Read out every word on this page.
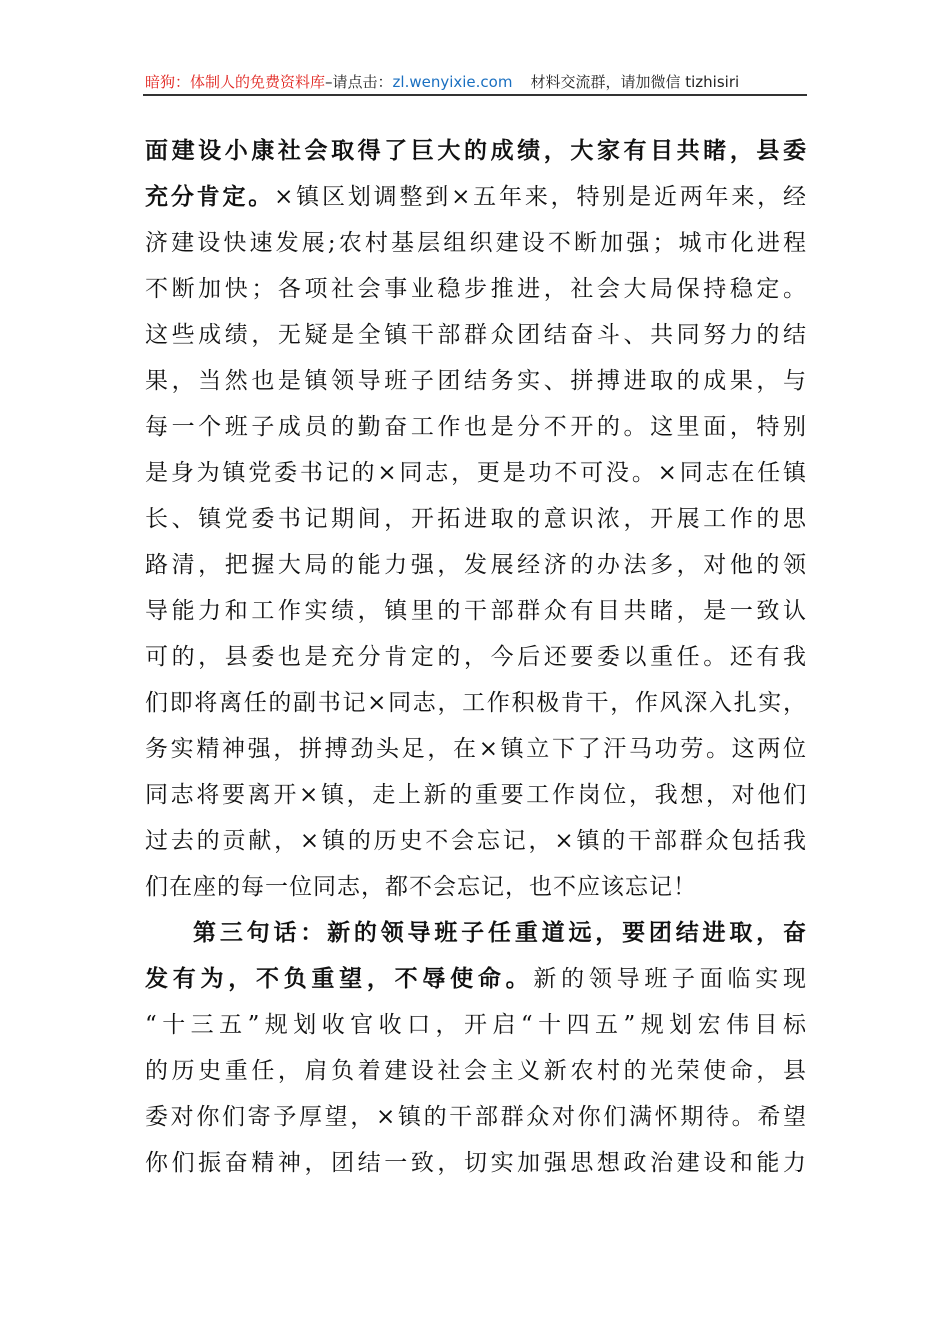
暗狗：体制人的免费资料库–请点击：zl.wenyixie.com 材料交流群，请加微信 tizhisiri
面建设小康社会取得了巨大的成绩，大家有目共睹，县委
充分肯定。×镇区划调整到×五年来，特别是近两年来，经
济建设快速发展;农村基层组织建设不断加强；城市化进程
不断加快；各项社会事业稳步推进，社会大局保持稳定。
这些成绩，无疑是全镇干部群众团结奋斗、共同努力的结
果，当然也是镇领导班子团结务实、拼搏进取的成果，与
每一个班子成员的勤奋工作也是分不开的。这里面，特别
是身为镇党委书记的×同志，更是功不可没。×同志在任镇
长、镇党委书记期间，开拓进取的意识浓，开展工作的思
路清，把握大局的能力强，发展经济的办法多，对他的领
导能力和工作实绩，镇里的干部群众有目共睹，是一致认
可的，县委也是充分肯定的，今后还要委以重任。还有我
们即将离任的副书记×同志，工作积极肯干，作风深入扎实，
务实精神强，拼搏劲头足，在×镇立下了汗马功劳。这两位
同志将要离开×镇，走上新的重要工作岗位，我想，对他们
过去的贡献，×镇的历史不会忘记，×镇的干部群众包括我
们在座的每一位同志，都不会忘记，也不应该忘记！
第三句话：新的领导班子任重道远，要团结进取，奋
发有为，不负重望，不辱使命。新的领导班子面临实现
“十三五”规划收官收口，开启“十四五”规划宏伟目标
的历史重任，肩负着建设社会主义新农村的光荣使命，县
委对你们寄予厚望，×镇的干部群众对你们满怀期待。希望
你们振奋精神，团结一致，切实加强思想政治建设和能力
